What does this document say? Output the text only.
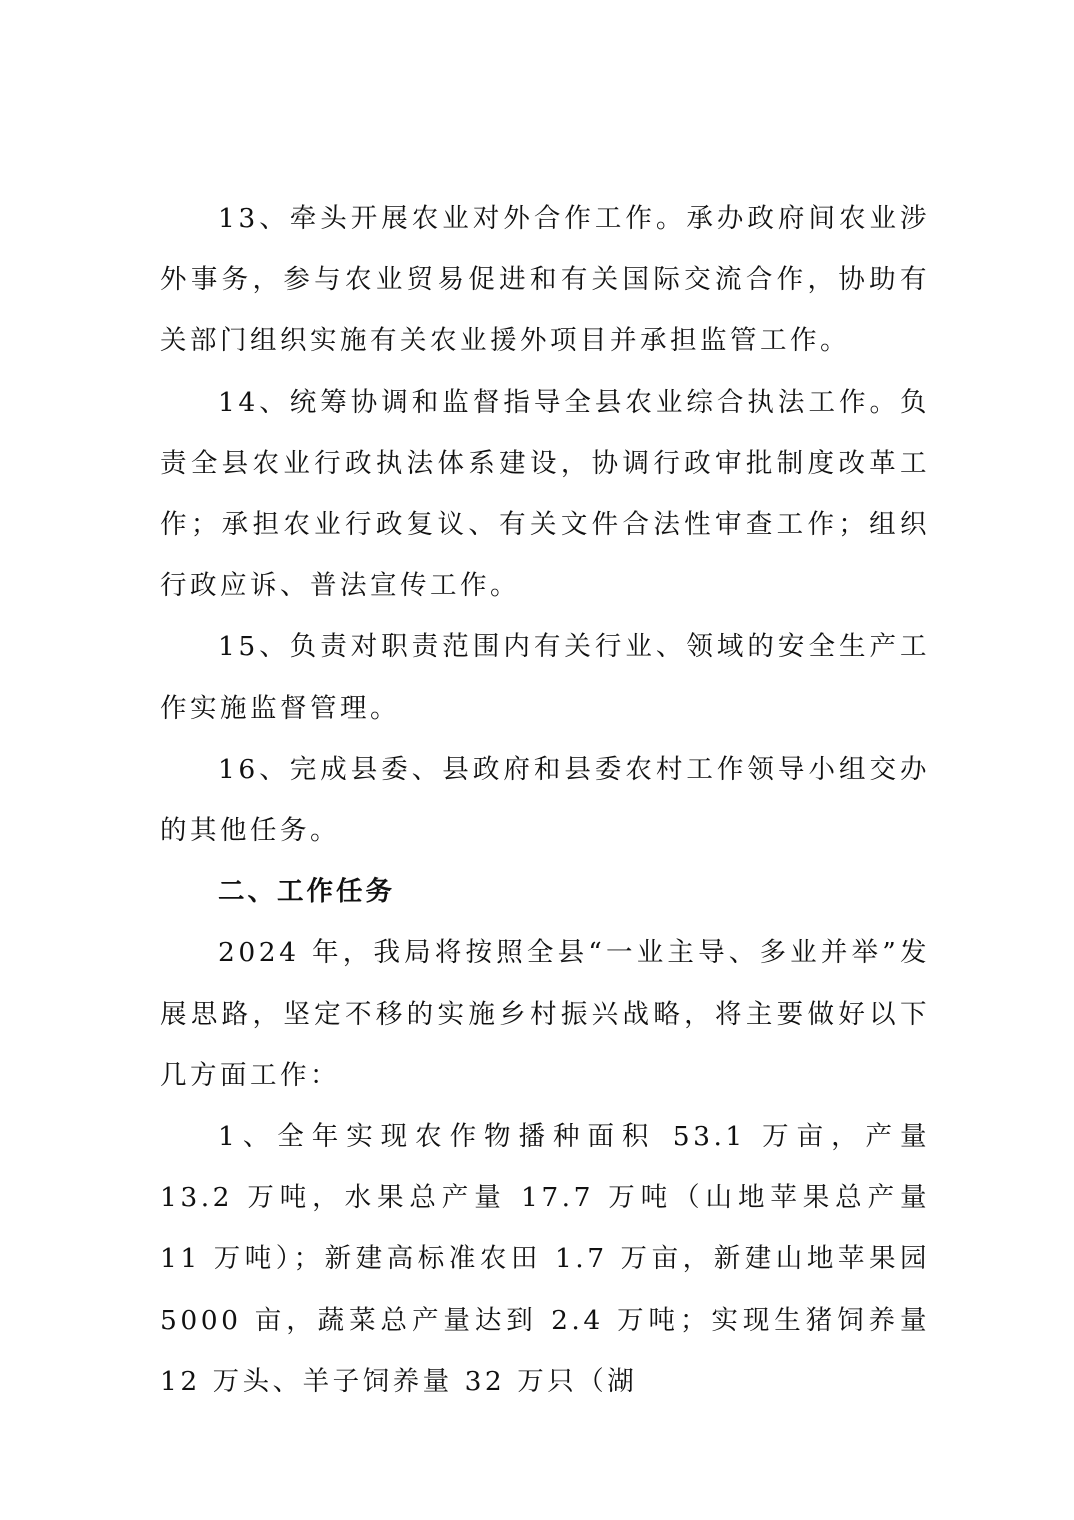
13、牵头开展农业对外合作工作。承办政府间农业涉外事务，参与农业贸易促进和有关国际交流合作，协助有关部门组织实施有关农业援外项目并承担监管工作。

14、统筹协调和监督指导全县农业综合执法工作。负责全县农业行政执法体系建设，协调行政审批制度改革工作；承担农业行政复议、有关文件合法性审查工作；组织行政应诉、普法宣传工作。

15、负责对职责范围内有关行业、领域的安全生产工作实施监督管理。

16、完成县委、县政府和县委农村工作领导小组交办的其他任务。

二、工作任务

2024 年，我局将按照全县“一业主导、多业并举”发展思路，坚定不移的实施乡村振兴战略，将主要做好以下几方面工作：

1、全年实现农作物播种面积 53.1 万亩，产量 13.2 万吨，水果总产量 17.7 万吨（山地苹果总产量 11 万吨）；新建高标准农田 1.7 万亩，新建山地苹果园 5000 亩，蔬菜总产量达到 2.4 万吨；实现生猪饲养量 12 万头、羊子饲养量 32 万只（湖
